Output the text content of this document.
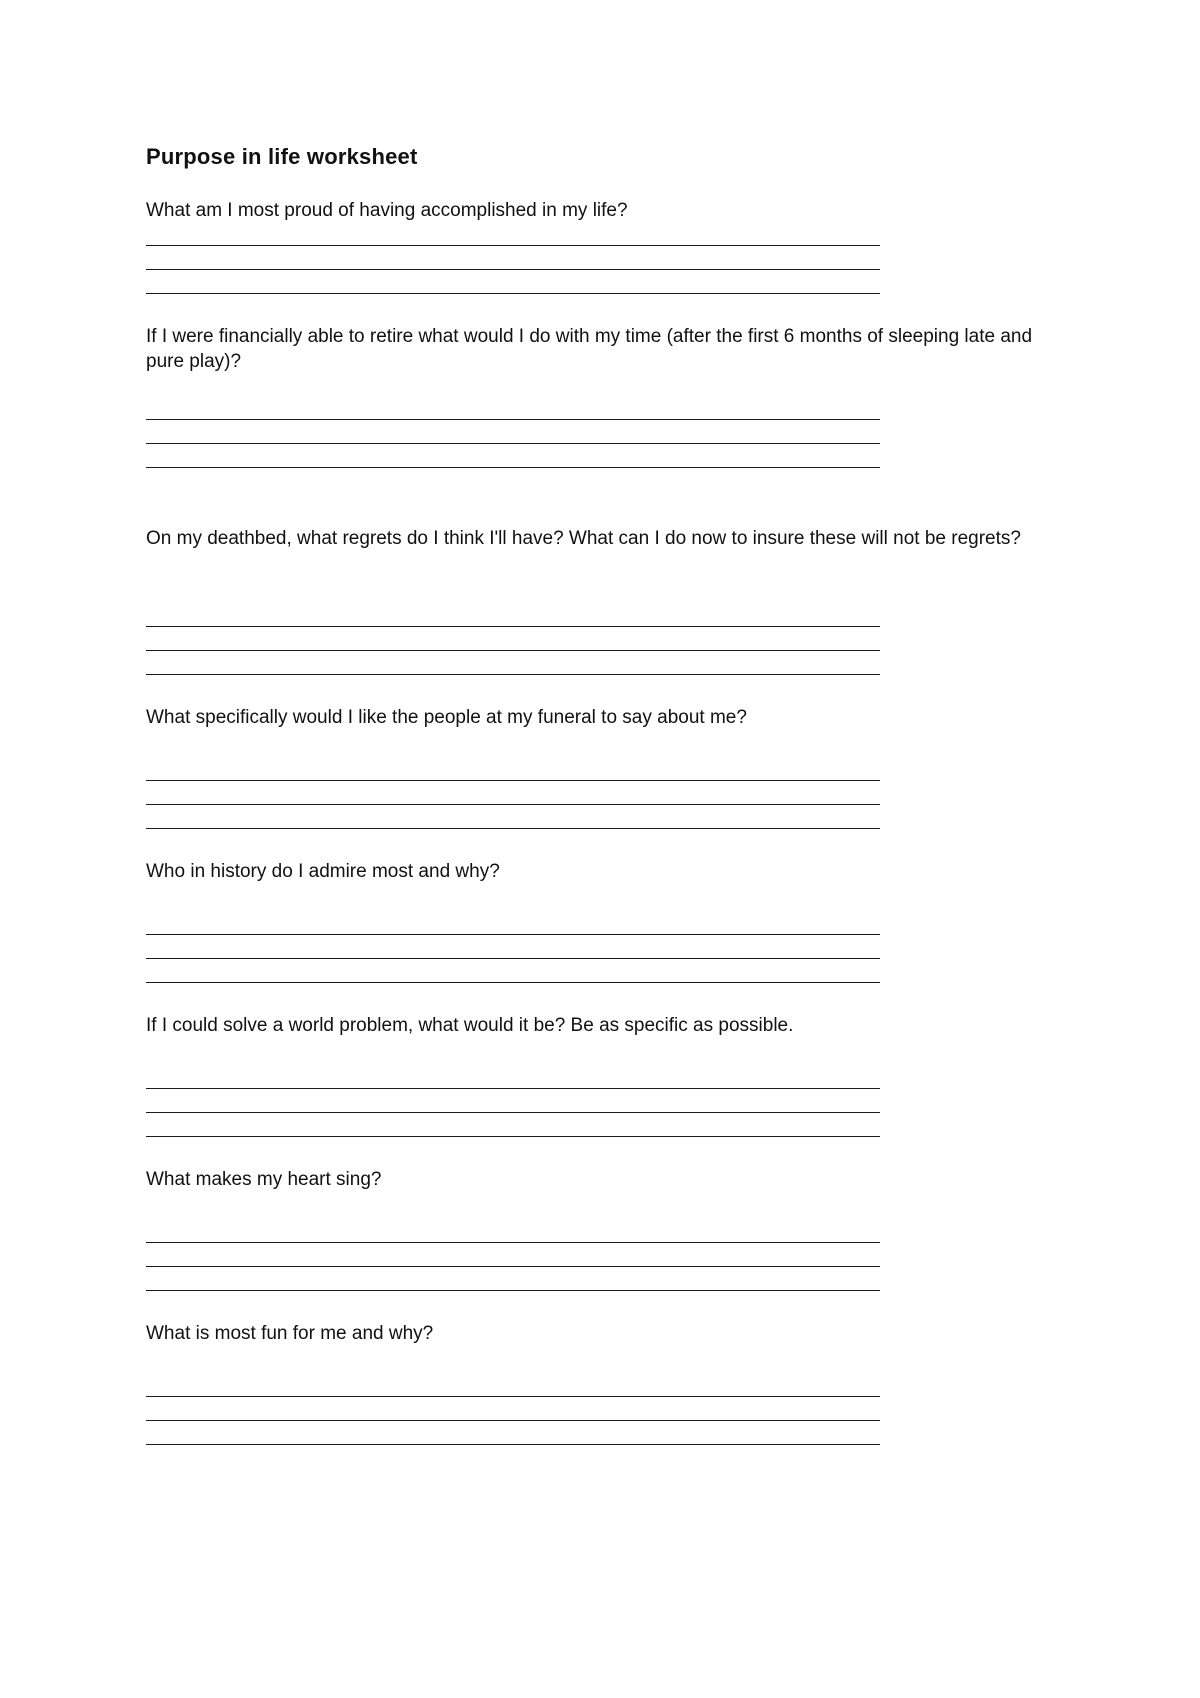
Purpose in life worksheet
What am I most proud of having accomplished in my life?
If I were financially able to retire what would I do with my time (after the first 6 months of sleeping late and pure play)?
On my deathbed, what regrets do I think I'll have? What can I do now to insure these will not be regrets?
What specifically would I like the people at my funeral to say about me?
Who in history do I admire most and why?
If I could solve a world problem, what would it be? Be as specific as possible.
What makes my heart sing?
What is most fun for me and why?
